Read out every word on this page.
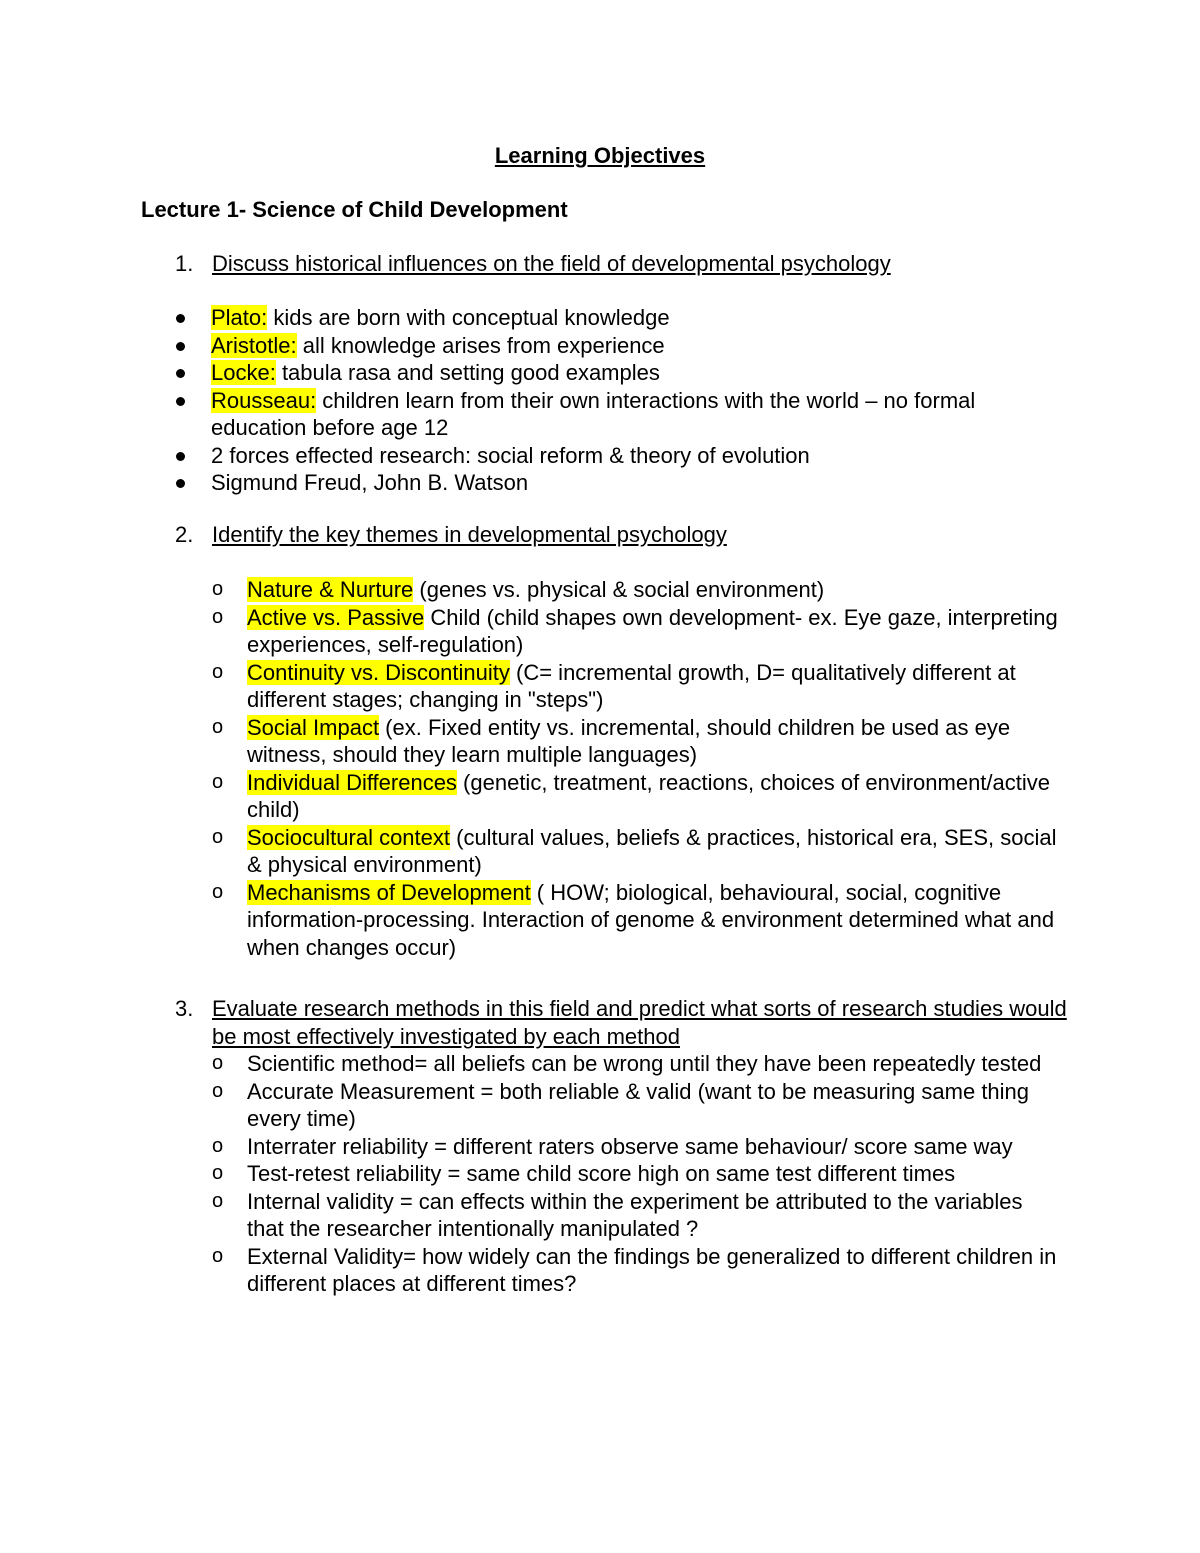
Learning Objectives
Lecture 1- Science of Child Development
1. Discuss historical influences on the field of developmental psychology
Plato: kids are born with conceptual knowledge
Aristotle: all knowledge arises from experience
Locke: tabula rasa and setting good examples
Rousseau: children learn from their own interactions with the world – no formal education before age 12
2 forces effected research: social reform & theory of evolution
Sigmund Freud, John B. Watson
2. Identify the key themes in developmental psychology
o Nature & Nurture (genes vs. physical & social environment)
o Active vs. Passive Child (child shapes own development- ex. Eye gaze, interpreting experiences, self-regulation)
o Continuity vs. Discontinuity (C= incremental growth, D= qualitatively different at different stages; changing in "steps")
o Social Impact (ex. Fixed entity vs. incremental, should children be used as eye witness, should they learn multiple languages)
o Individual Differences (genetic, treatment, reactions, choices of environment/active child)
o Sociocultural context (cultural values, beliefs & practices, historical era, SES, social & physical environment)
o Mechanisms of Development ( HOW; biological, behavioural, social, cognitive information-processing. Interaction of genome & environment determined what and when changes occur)
3. Evaluate research methods in this field and predict what sorts of research studies would be most effectively investigated by each method
o Scientific method= all beliefs can be wrong until they have been repeatedly tested
o Accurate Measurement = both reliable & valid (want to be measuring same thing every time)
o Interrater reliability = different raters observe same behaviour/ score same way
o Test-retest reliability = same child score high on same test different times
o Internal validity = can effects within the experiment be attributed to the variables that the researcher intentionally manipulated ?
o External Validity= how widely can the findings be generalized to different children in different places at different times?
